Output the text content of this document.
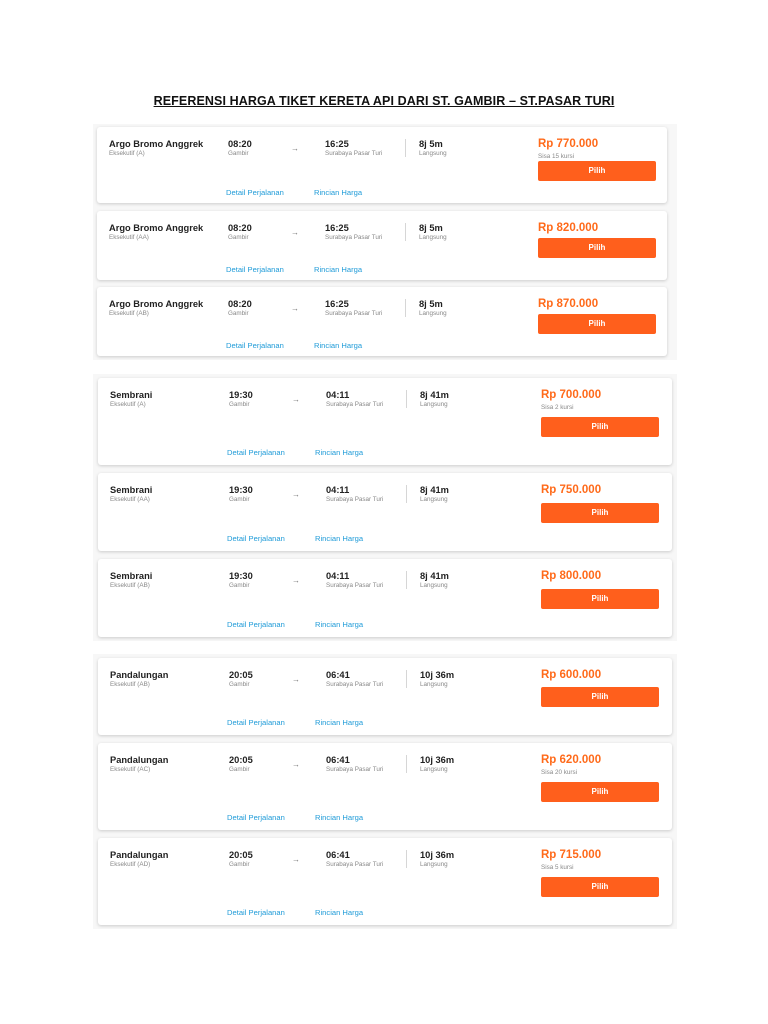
REFERENSI HARGA TIKET KERETA API DARI ST. GAMBIR – ST.PASAR TURI
Argo Bromo Anggrek
Eksekutif (A)
08:20
Gambir
→	16:25
Surabaya Pasar Turi
8j 5m
Langsung
Rp 770.000
Sisa 15 kursi
Pilih
Detail Perjalanan	Rincian Harga
Argo Bromo Anggrek
Eksekutif (AA)
08:20
Gambir
→	16:25
Surabaya Pasar Turi
8j 5m
Langsung
Rp 820.000
Pilih
Detail Perjalanan	Rincian Harga
Argo Bromo Anggrek
Eksekutif (AB)
08:20
Gambir
→	16:25
Surabaya Pasar Turi
8j 5m
Langsung
Rp 870.000
Pilih
Detail Perjalanan	Rincian Harga
Sembrani
Eksekutif (A)
19:30
Gambir
→	04:11
Surabaya Pasar Turi
8j 41m
Langsung
Rp 700.000
Sisa 2 kursi
Pilih
Detail Perjalanan	Rincian Harga
Sembrani
Eksekutif (AA)
19:30
Gambir
→	04:11
Surabaya Pasar Turi
8j 41m
Langsung
Rp 750.000
Pilih
Detail Perjalanan	Rincian Harga
Sembrani
Eksekutif (AB)
19:30
Gambir
→	04:11
Surabaya Pasar Turi
8j 41m
Langsung
Rp 800.000
Pilih
Detail Perjalanan	Rincian Harga
Pandalungan
Eksekutif (AB)
20:05
Gambir
→	06:41
Surabaya Pasar Turi
10j 36m
Langsung
Rp 600.000
Pilih
Detail Perjalanan	Rincian Harga
Pandalungan
Eksekutif (AC)
20:05
Gambir
→	06:41
Surabaya Pasar Turi
10j 36m
Langsung
Rp 620.000
Sisa 20 kursi
Pilih
Detail Perjalanan	Rincian Harga
Pandalungan
Eksekutif (AD)
20:05
Gambir
→	06:41
Surabaya Pasar Turi
10j 36m
Langsung
Rp 715.000
Sisa 5 kursi
Pilih
Detail Perjalanan	Rincian Harga
